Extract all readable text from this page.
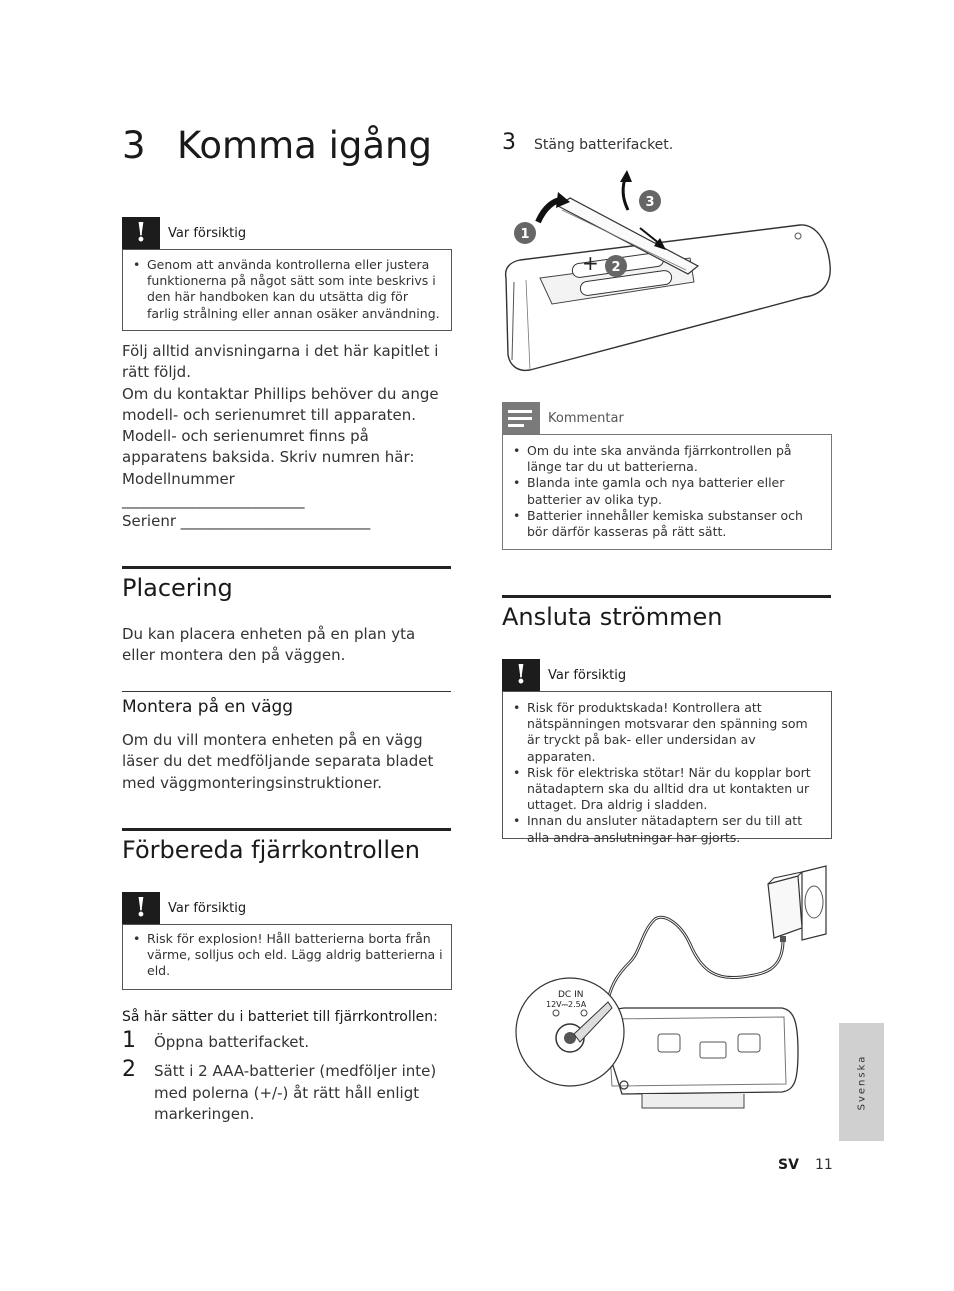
3 Komma igång
!	Var försiktig
• Genom att använda kontrollerna eller justera funktionerna på något sätt som inte beskrivs i den här handboken kan du utsätta dig för farlig strålning eller annan osäker användning.
Följ alltid anvisningarna i det här kapitlet i rätt följd.
Om du kontaktar Phillips behöver du ange modell- och serienumret till apparaten. Modell- och serienumret finns på apparatens baksida. Skriv numren här:
Modellnummer
__________________________
Serienr ___________________________
Placering
Du kan placera enheten på en plan yta eller montera den på väggen.
Montera på en vägg
Om du vill montera enheten på en vägg läser du det medföljande separata bladet med väggmonteringsinstruktioner.
Förbereda fjärrkontrollen
!	Var försiktig
• Risk för explosion! Håll batterierna borta från värme, solljus och eld. Lägg aldrig batterierna i eld.
Så här sätter du i batteriet till fjärrkontrollen:
1	Öppna batterifacket.
2	Sätt i 2 AAA-batterier (medföljer inte) med polerna (+/-) åt rätt håll enligt markeringen.
3	Stäng batterifacket.
+
1
2
3
Kommentar
• Om du inte ska använda fjärrkontrollen på länge tar du ut batterierna.
• Blanda inte gamla och nya batterier eller batterier av olika typ.
• Batterier innehåller kemiska substanser och bör därför kasseras på rätt sätt.
Ansluta strömmen
!	Var försiktig
• Risk för produktskada! Kontrollera att nätspänningen motsvarar den spänning som är tryckt på bak- eller undersidan av apparaten.
• Risk för elektriska stötar! När du kopplar bort nätadaptern ska du alltid dra ut kontakten ur uttaget. Dra aldrig i sladden.
• Innan du ansluter nätadaptern ser du till att alla andra anslutningar har gjorts.
DC IN
12V⎓2.5A
Svenska
SV 11
